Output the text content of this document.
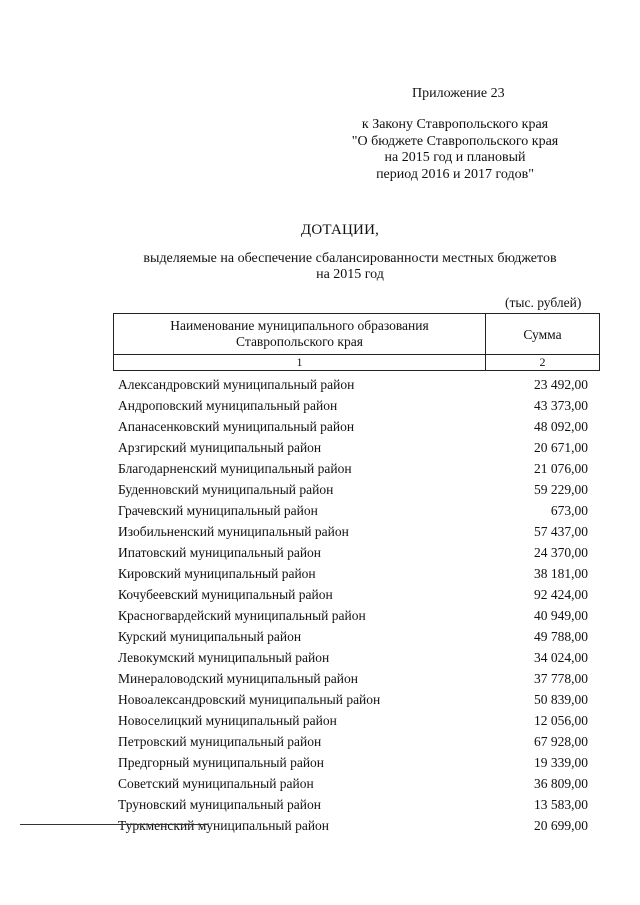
Приложение 23
к Закону Ставропольского края
"О бюджете Ставропольского края
на 2015 год и плановый
период 2016 и 2017 годов"
ДОТАЦИИ,
выделяемые на обеспечение сбалансированности местных бюджетов
на 2015 год
(тыс. рублей)
Наименование муниципального образования
Ставропольского края	Сумма
1	2
Александровский муниципальный район	23 492,00
Андроповский муниципальный район	43 373,00
Апанасенковский муниципальный район	48 092,00
Арзгирский муниципальный район	20 671,00
Благодарненский муниципальный район	21 076,00
Буденновский муниципальный район	59 229,00
Грачевский муниципальный район	673,00
Изобильненский муниципальный район	57 437,00
Ипатовский муниципальный район	24 370,00
Кировский муниципальный район	38 181,00
Кочубеевский муниципальный район	92 424,00
Красногвардейский муниципальный район	40 949,00
Курский муниципальный район	49 788,00
Левокумский муниципальный район	34 024,00
Минераловодский муниципальный район	37 778,00
Новоалександровский муниципальный район	50 839,00
Новоселицкий муниципальный район	12 056,00
Петровский муниципальный район	67 928,00
Предгорный муниципальный район	19 339,00
Советский муниципальный район	36 809,00
Труновский муниципальный район	13 583,00
Туркменский муниципальный район	20 699,00
